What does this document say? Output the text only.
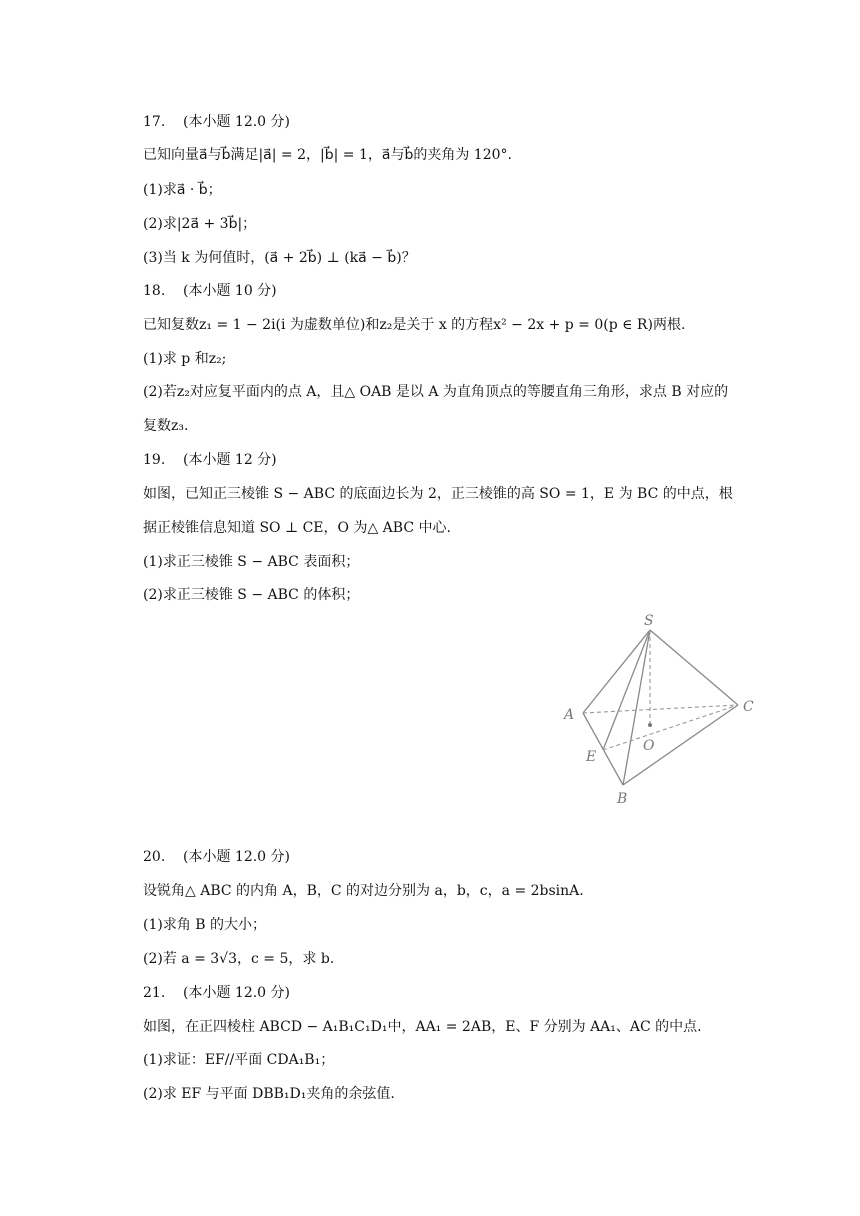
17. (本小题 12.0 分)
已知向量a⃗与b⃗满足|a⃗| = 2，|b⃗| = 1，a⃗与b⃗的夹角为 120°.
(1)求a⃗ · b⃗；
(2)求|2a⃗ + 3b⃗|；
(3)当 k 为何值时，(a⃗ + 2b⃗) ⊥ (ka⃗ − b⃗)？
18. (本小题 10 分)
已知复数z₁ = 1 − 2i(i 为虚数单位)和z₂是关于 x 的方程x² − 2x + p = 0(p ∈ R)两根.
(1)求 p 和z₂;
(2)若z₂对应复平面内的点 A，且△ OAB 是以 A 为直角顶点的等腰直角三角形，求点 B 对应的
复数z₃.
19. (本小题 12 分)
如图，已知正三棱锥 S − ABC 的底面边长为 2，正三棱锥的高 SO = 1，E 为 BC 的中点，根
据正棱锥信息知道 SO ⊥ CE，O 为△ ABC 中心.
(1)求正三棱锥 S − ABC 表面积；
(2)求正三棱锥 S − ABC 的体积；
S
A	C
E
O
B
20. (本小题 12.0 分)
设锐角△ ABC 的内角 A，B，C 的对边分别为 a，b，c，a = 2bsinA.
(1)求角 B 的大小；
(2)若 a = 3√3，c = 5，求 b.
21. (本小题 12.0 分)
如图，在正四棱柱 ABCD − A₁B₁C₁D₁中，AA₁ = 2AB，E、F 分别为 AA₁、AC 的中点.
(1)求证：EF//平面 CDA₁B₁；
(2)求 EF 与平面 DBB₁D₁夹角的余弦值.
